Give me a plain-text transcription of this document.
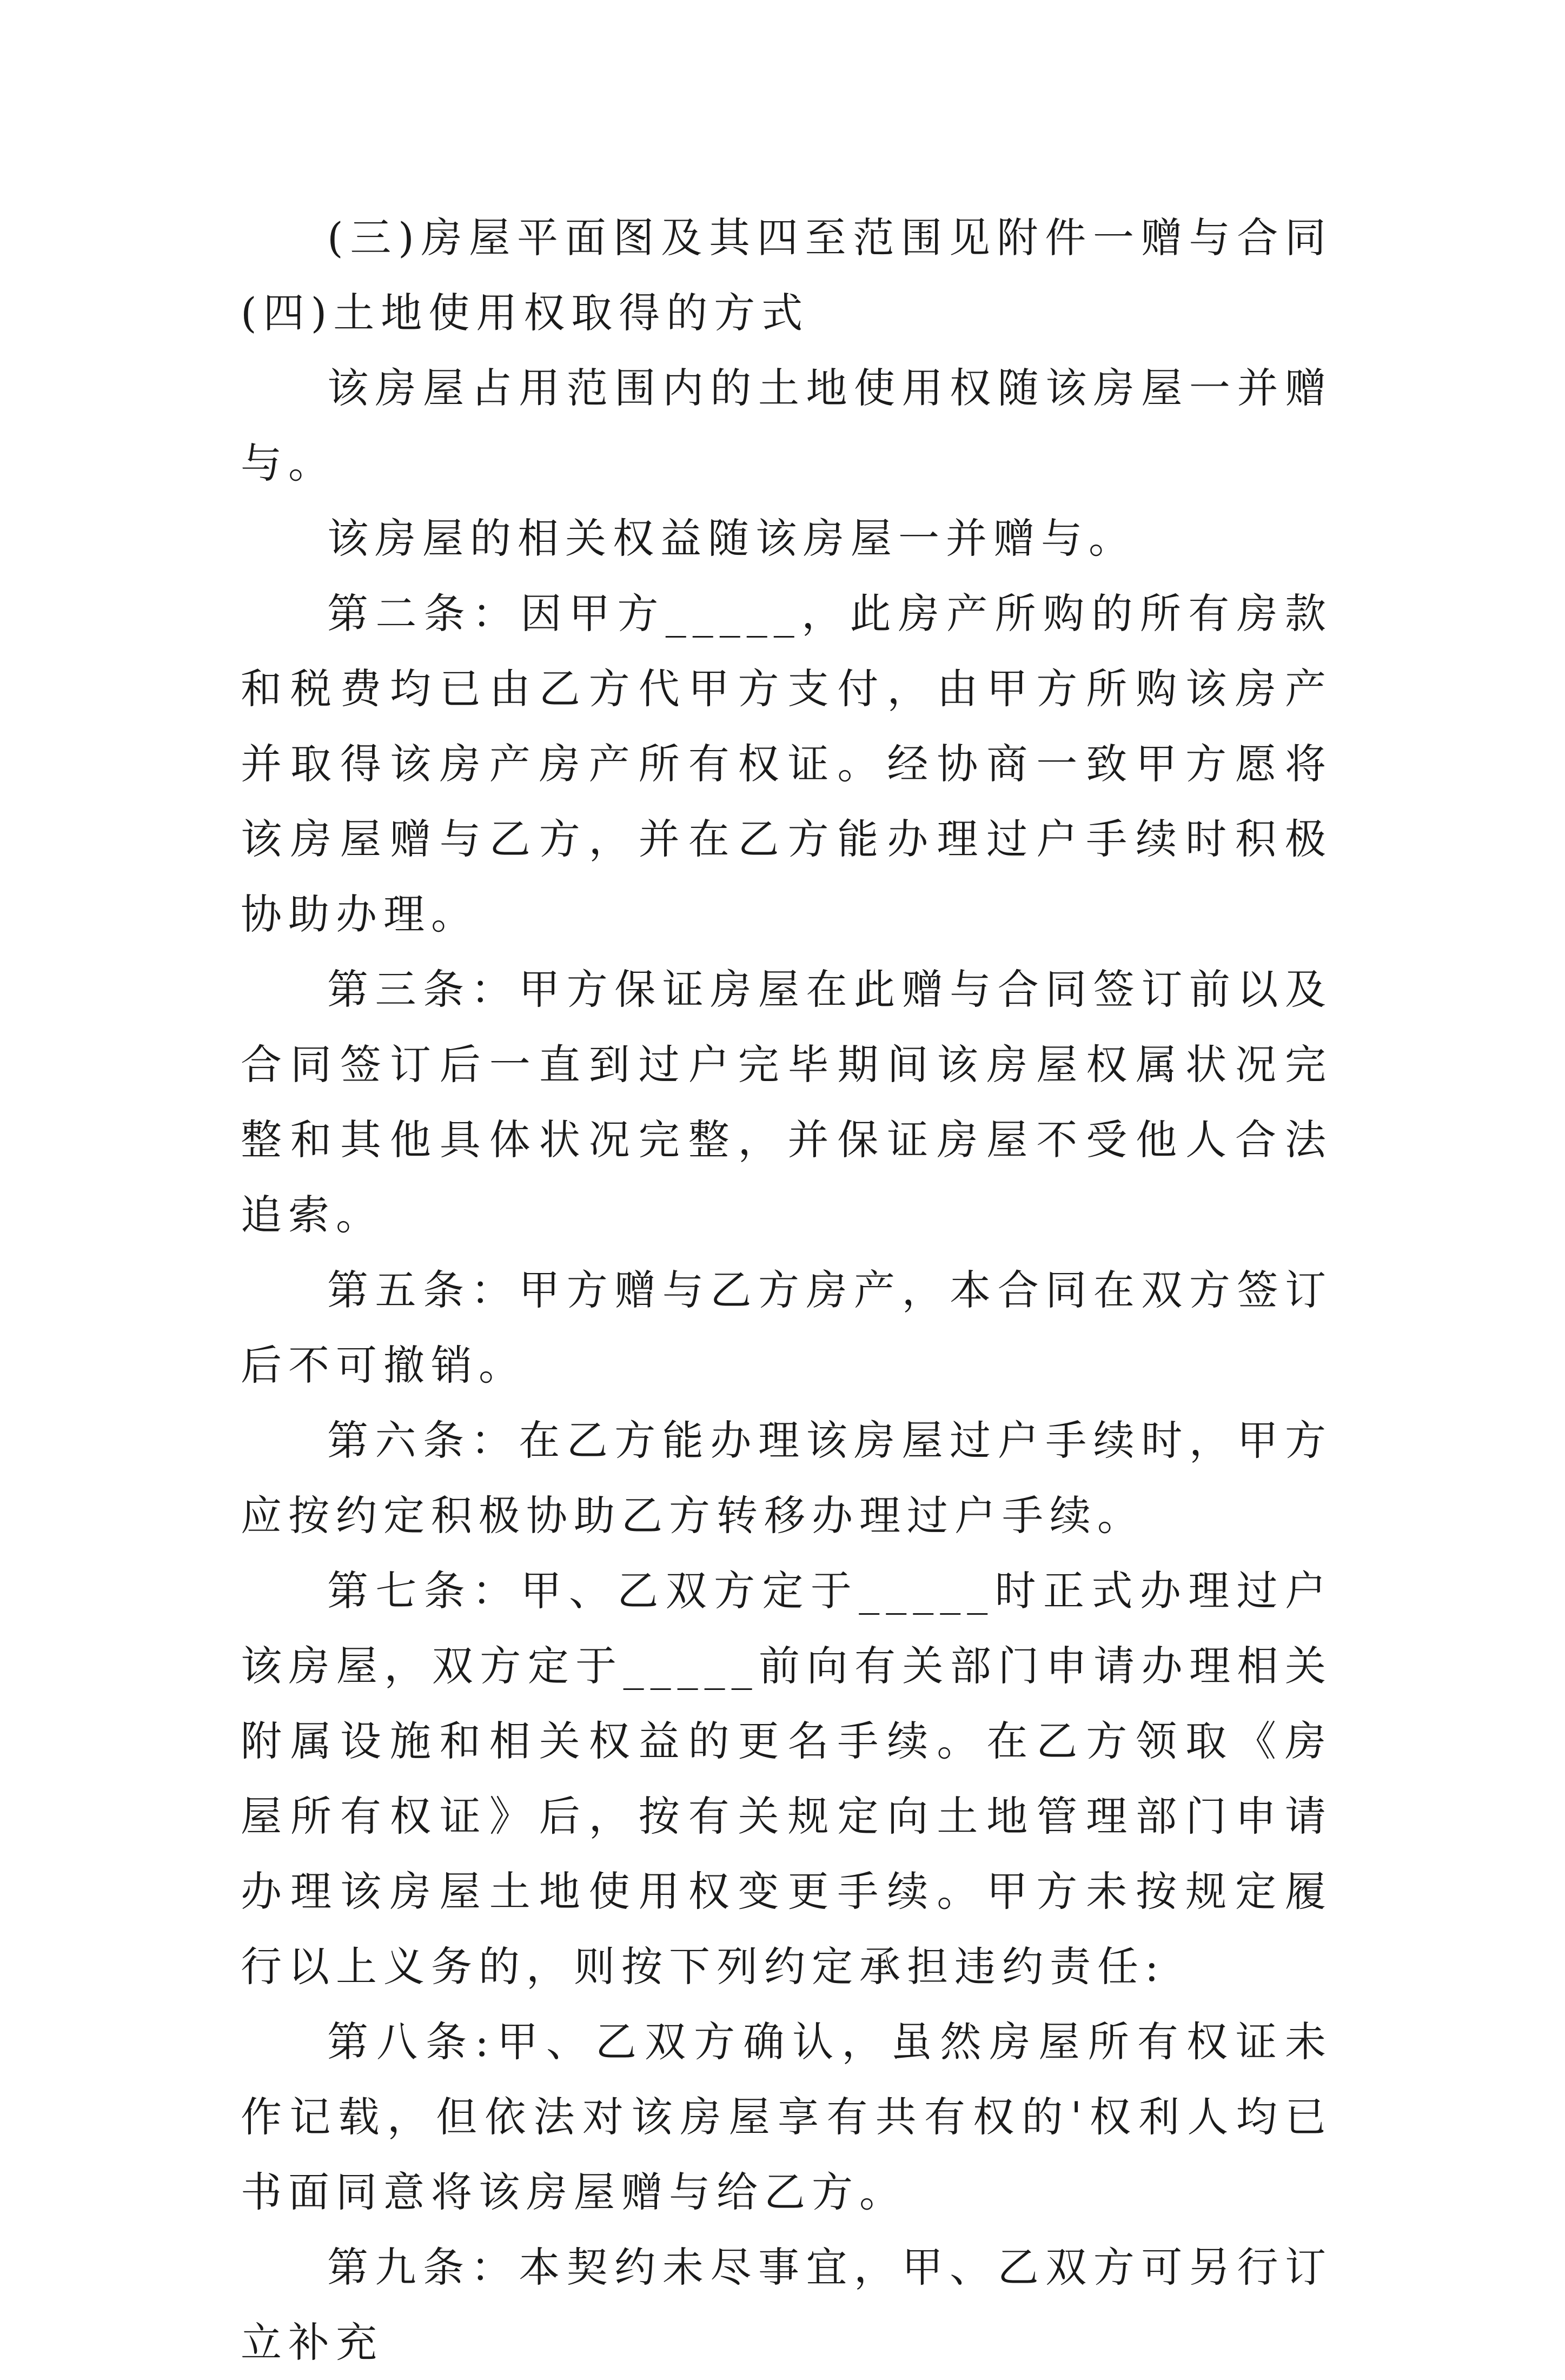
(三)房屋平面图及其四至范围见附件一赠与合同(四)土地使用权取得的方式

该房屋占用范围内的土地使用权随该房屋一并赠与。

该房屋的相关权益随该房屋一并赠与。

第二条：因甲方_____，此房产所购的所有房款和税费均已由乙方代甲方支付，由甲方所购该房产并取得该房产房产所有权证。经协商一致甲方愿将该房屋赠与乙方，并在乙方能办理过户手续时积极协助办理。

第三条：甲方保证房屋在此赠与合同签订前以及合同签订后一直到过户完毕期间该房屋权属状况完整和其他具体状况完整，并保证房屋不受他人合法追索。

第五条：甲方赠与乙方房产，本合同在双方签订后不可撤销。

第六条：在乙方能办理该房屋过户手续时，甲方应按约定积极协助乙方转移办理过户手续。

第七条：甲、乙双方定于_____时正式办理过户该房屋，双方定于_____前向有关部门申请办理相关附属设施和相关权益的更名手续。在乙方领取《房屋所有权证》后，按有关规定向土地管理部门申请办理该房屋土地使用权变更手续。甲方未按规定履行以上义务的，则按下列约定承担违约责任:

第八条:甲、乙双方确认，虽然房屋所有权证未作记载，但依法对该房屋享有共有权的'权利人均已书面同意将该房屋赠与给乙方。

第九条：本契约未尽事宜，甲、乙双方可另行订立补充
